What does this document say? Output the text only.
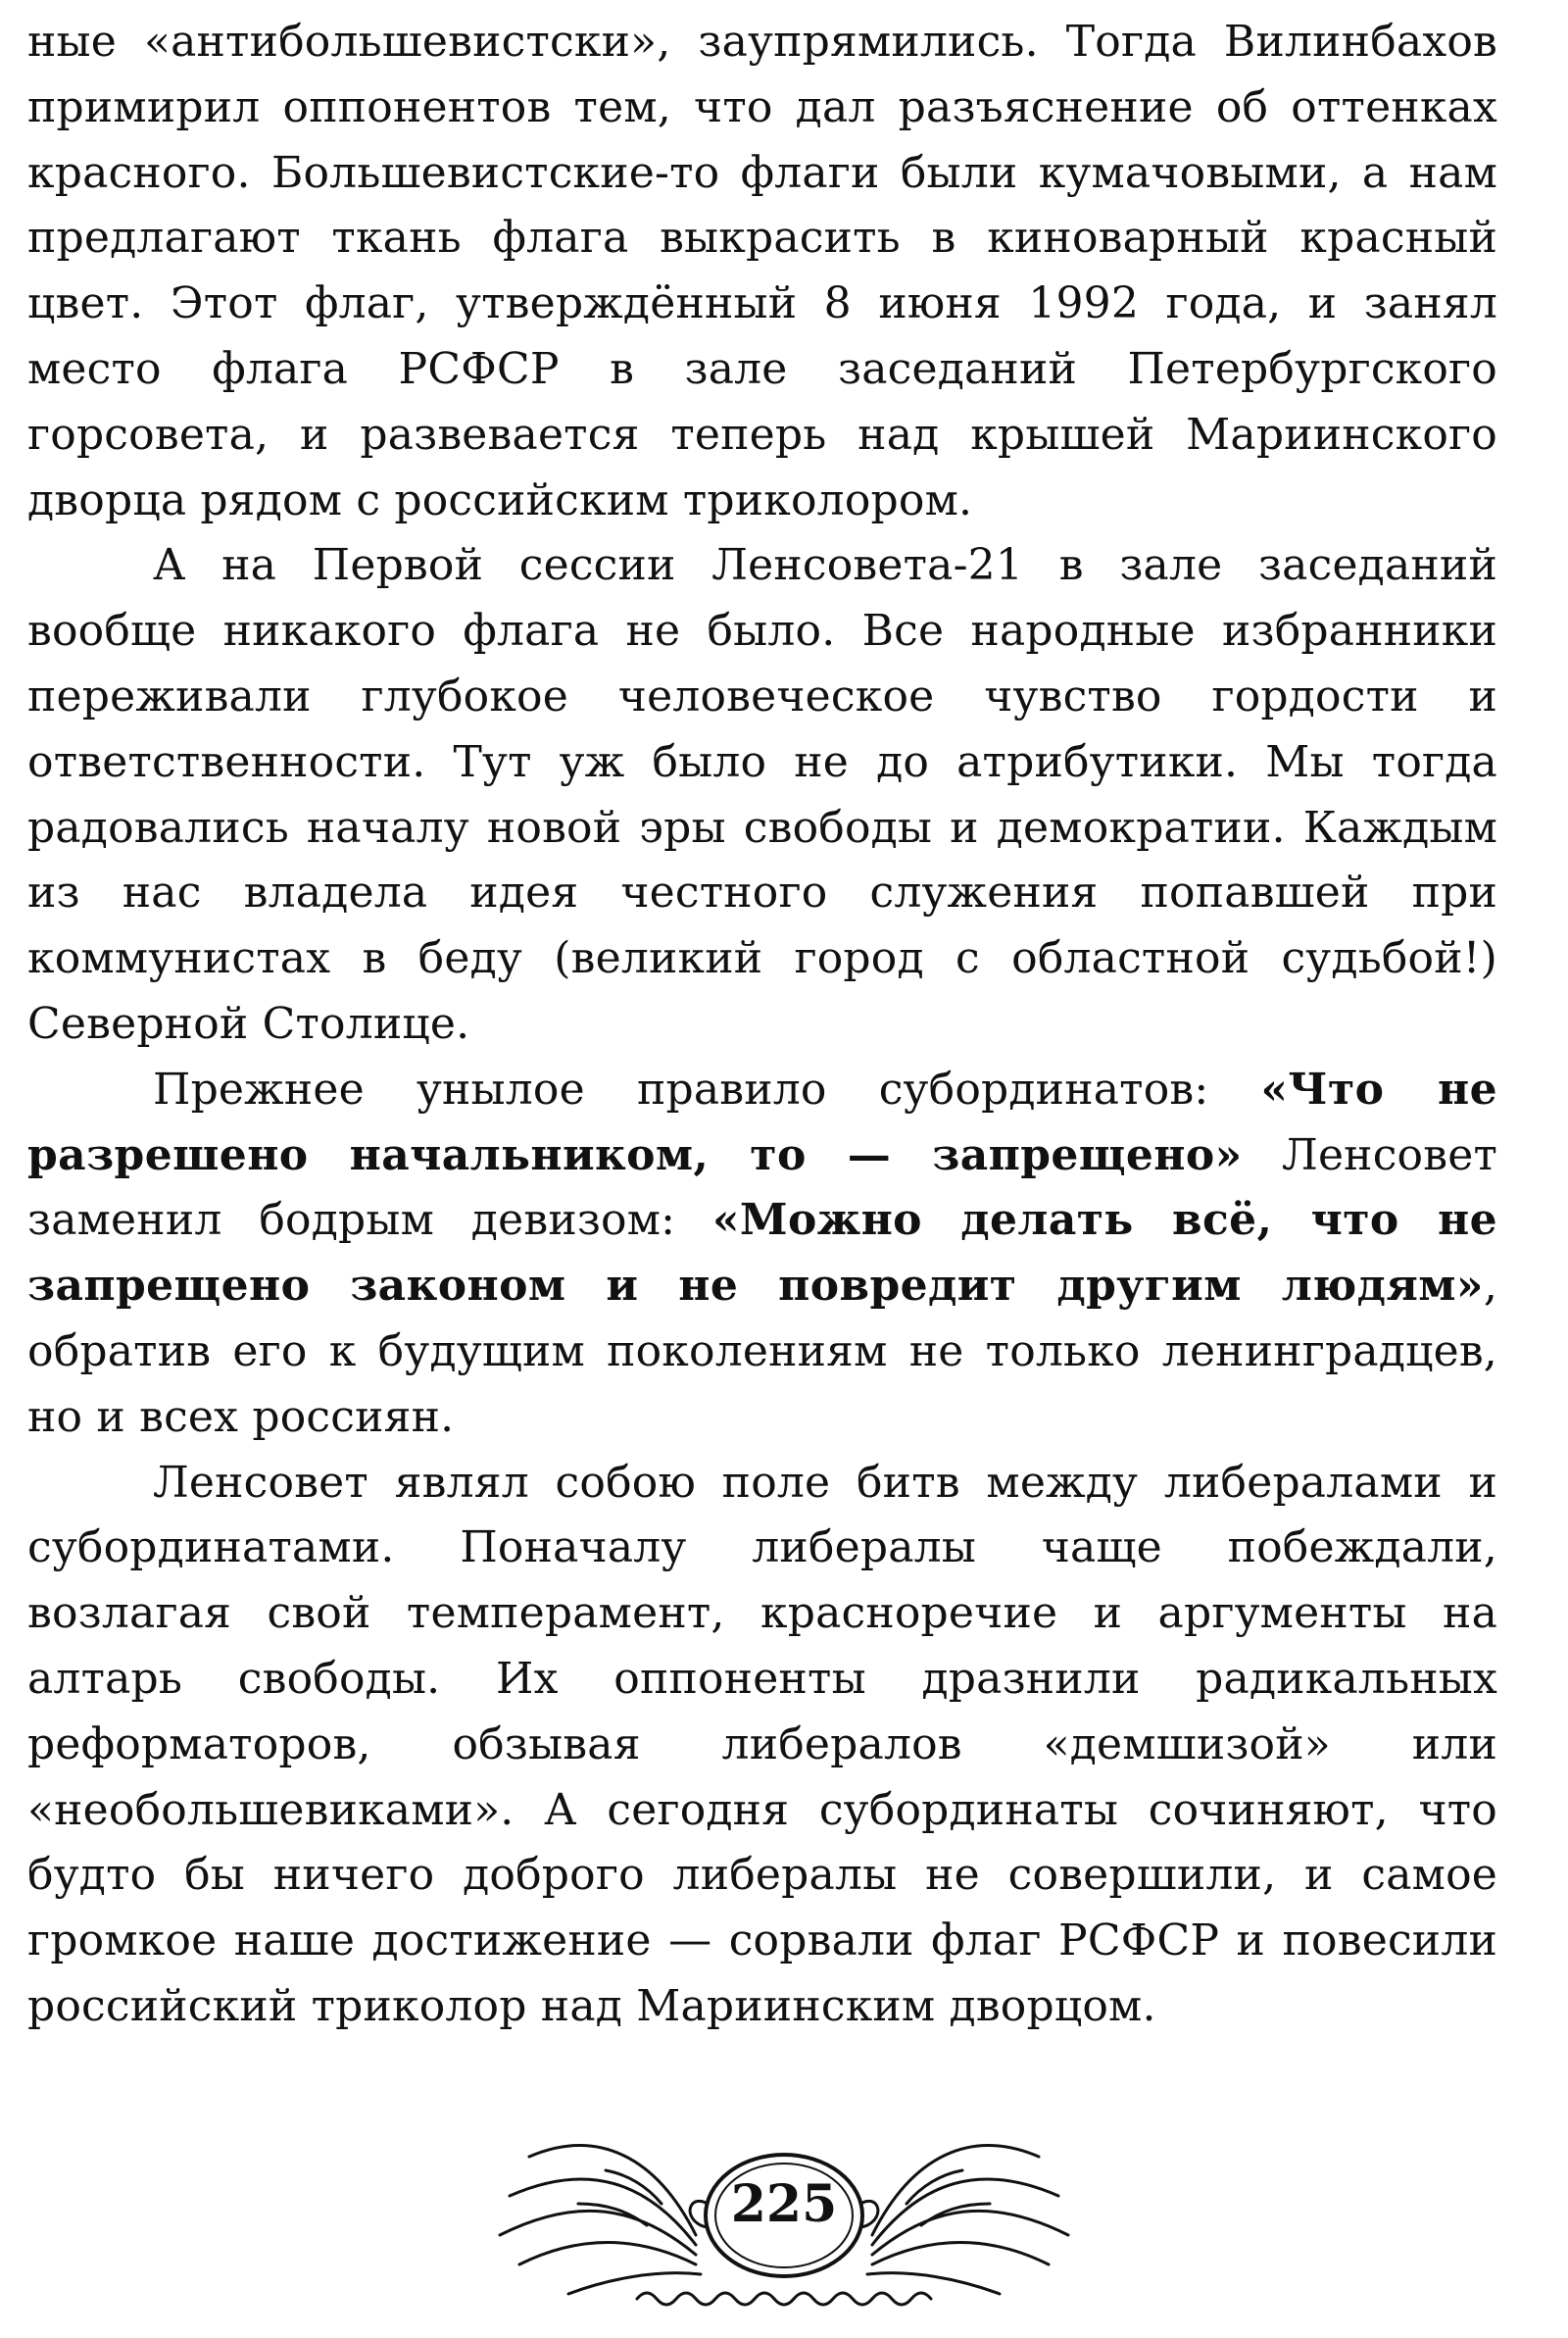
ные «антибольшевистски», заупрямились. Тогда Вилинбахов примирил оппонентов тем, что дал разъяснение об оттенках красного. Большевистские-то флаги были кумачовыми, а нам предлагают ткань флага выкрасить в киноварный красный цвет. Этот флаг, утверждённый 8 июня 1992 года, и занял место флага РСФСР в зале заседаний Петербургского горсовета, и развевается теперь над крышей Мариинского дворца рядом с российским триколором.

А на Первой сессии Ленсовета-21 в зале заседаний вообще никакого флага не было. Все народные избранники переживали глубокое человеческое чувство гордости и ответственности. Тут уж было не до атрибутики. Мы тогда радовались началу новой эры свободы и демократии. Каждым из нас владела идея честного служения попавшей при коммунистах в беду (великий город с областной судьбой!) Северной Столице.

Прежнее унылое правило субординатов: «Что не разрешено начальником, то — запрещено» Ленсовет заменил бодрым девизом: «Можно делать всё, что не запрещено законом и не повредит другим людям», обратив его к будущим поколениям не только ленинградцев, но и всех россиян.

Ленсовет являл собою поле битв между либералами и субординатами. Поначалу либералы чаще побеждали, возлагая свой темперамент, красноречие и аргументы на алтарь свободы. Их оппоненты дразнили радикальных реформаторов, обзывая либералов «демшизой» или «необольшевиками». А сегодня субординаты сочиняют, что будто бы ничего доброго либералы не совершили, и самое громкое наше достижение — сорвали флаг РСФСР и повесили российский триколор над Мариинским дворцом.

225
